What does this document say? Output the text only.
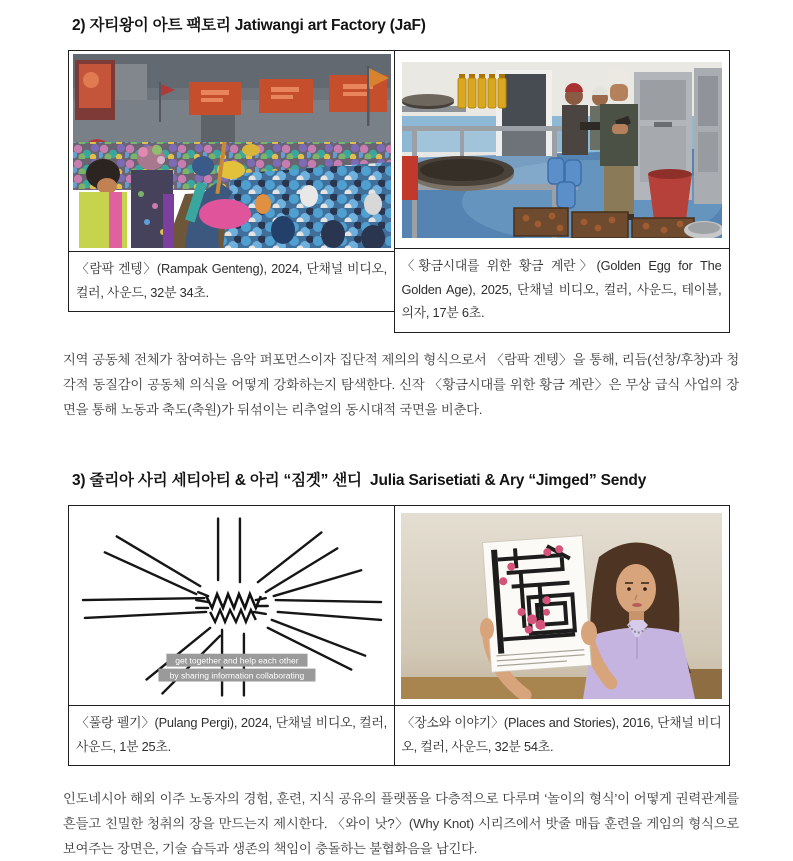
2) 자티왕이 아트 팩토리 Jatiwangi art Factory (JaF)
〈람팍 겐텡〉(Rampak Genteng), 2024, 단채널 비디오, 컬러, 사운드, 32분 34초.
〈황금시대를 위한 황금 계란〉(Golden Egg for The Golden Age), 2025, 단채널 비디오, 컬러, 사운드, 테이블, 의자, 17분 6초.

지역 공동체 전체가 참여하는 음악 퍼포먼스이자 집단적 제의의 형식으로서 〈람팍 겐텡〉을 통해, 리듬(선창/후창)과 청각적 동질감이 공동체 의식을 어떻게 강화하는지 탐색한다. 신작 〈황금시대를 위한 황금 계란〉은 무상 급식 사업의 장면을 통해 노동과 축도(축원)가 뒤섞이는 리추얼의 동시대적 국면을 비춘다.

3) 줄리아 사리 세티아티 & 아리 “짐겟” 샌디  Julia Sarisetiati & Ary “Jimged” Sendy
get together and help each other
by sharing information collaborating
〈풀랑 펠기〉(Pulang Pergi), 2024, 단채널 비디오, 컬러, 사운드, 1분 25초.
〈장소와 이야기〉(Places and Stories), 2016, 단채널 비디오, 컬러, 사운드, 32분 54초.

인도네시아 해외 이주 노동자의 경험, 훈련, 지식 공유의 플랫폼을 다층적으로 다루며 ‘놀이의 형식’이 어떻게 권력관계를 흔들고 친밀한 청취의 장을 만드는지 제시한다. 〈와이 낫?〉(Why Knot) 시리즈에서 밧줄 매듭 훈련을 게임의 형식으로 보여주는 장면은, 기술 습득과 생존의 책임이 충돌하는 불협화음을 남긴다.
